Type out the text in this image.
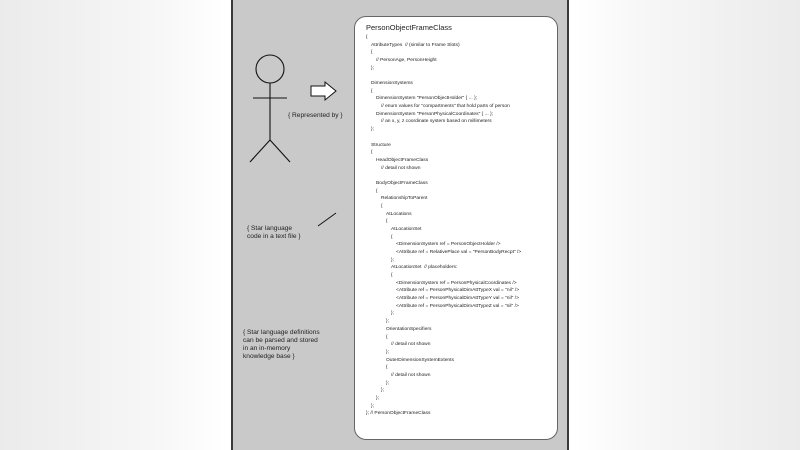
{ Represented by }
{ Star language
code in a text file }
{ Star language definitions
can be parsed and stored
in an in-memory
knowledge base }
PersonObjectFrameClass
{
AttributeTypes  // (similar to Frame Slots)
{
// PersonAge, PersonHeight
};
DimensionSystems
{
DimensionSystem "PersonObjectHolder" { ... };
// enum values for "compartments" that hold parts of person
DimensionSystem "PersonPhysicalCoordinates" { ... };
// an x, y, z coordinate system based on millimeters
};
Structure
{
HeadObjectFrameClass
// detail not shown
BodyObjectFrameClass
{
RelationshipToParent
{
AtLocations
{
AtLocationSet
{
<DimensionSystem ref = PersonObjectHolder />
<Attribute ref = RelativePlace val = "PersonBodyRecpt" />
};
AtLocationSet  // placeholders:
{
<DimensionSystem ref = PersonPhysicalCoordinates />
<Attribute ref = PersonPhysicalDimAttTypeX val = "nil" />
<Attribute ref = PersonPhysicalDimAttTypeY val = "nil" />
<Attribute ref = PersonPhysicalDimAttTypeZ val = "nil" />
};
};
OrientationSpecifiers
{
// detail not shown
};
OuterDimensionSystemExtents
{
// detail not shown
};
};
};
};
}; // PersonObjectFrameClass
